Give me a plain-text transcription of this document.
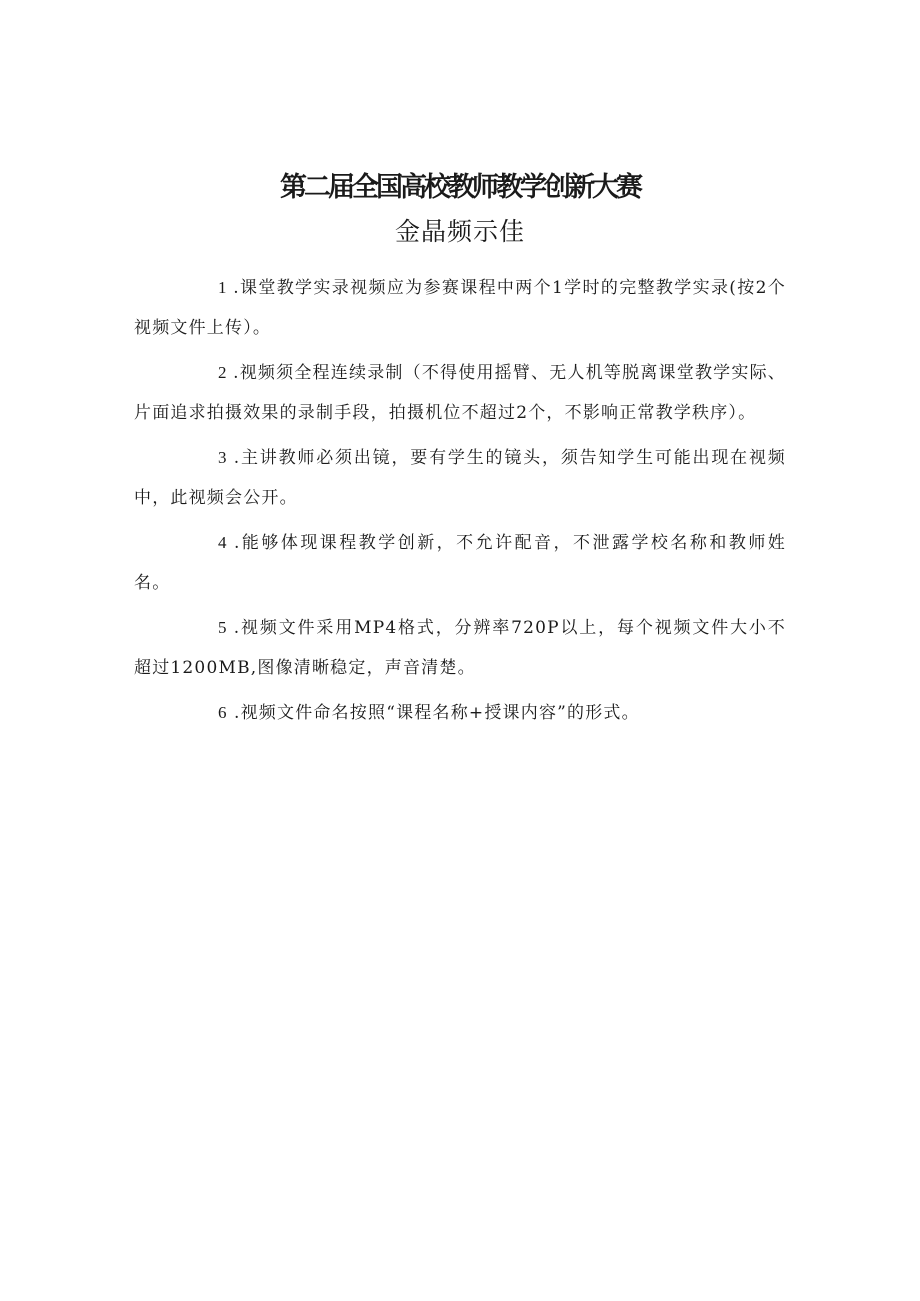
第二届全国高校教师教学创新大赛
金晶频示佳

1 .课堂教学实录视频应为参赛课程中两个1学时的完整教学实录(按2个视频文件上传）。

2 .视频须全程连续录制（不得使用摇臂、无人机等脱离课堂教学实际、片面追求拍摄效果的录制手段，拍摄机位不超过2个，不影响正常教学秩序）。

3 .主讲教师必须出镜，要有学生的镜头，须告知学生可能出现在视频中，此视频会公开。

4 .能够体现课程教学创新，不允许配音，不泄露学校名称和教师姓名。

5 .视频文件采用MP4格式，分辨率720P以上，每个视频文件大小不超过1200MB,图像清晰稳定，声音清楚。

6 .视频文件命名按照“课程名称+授课内容”的形式。
